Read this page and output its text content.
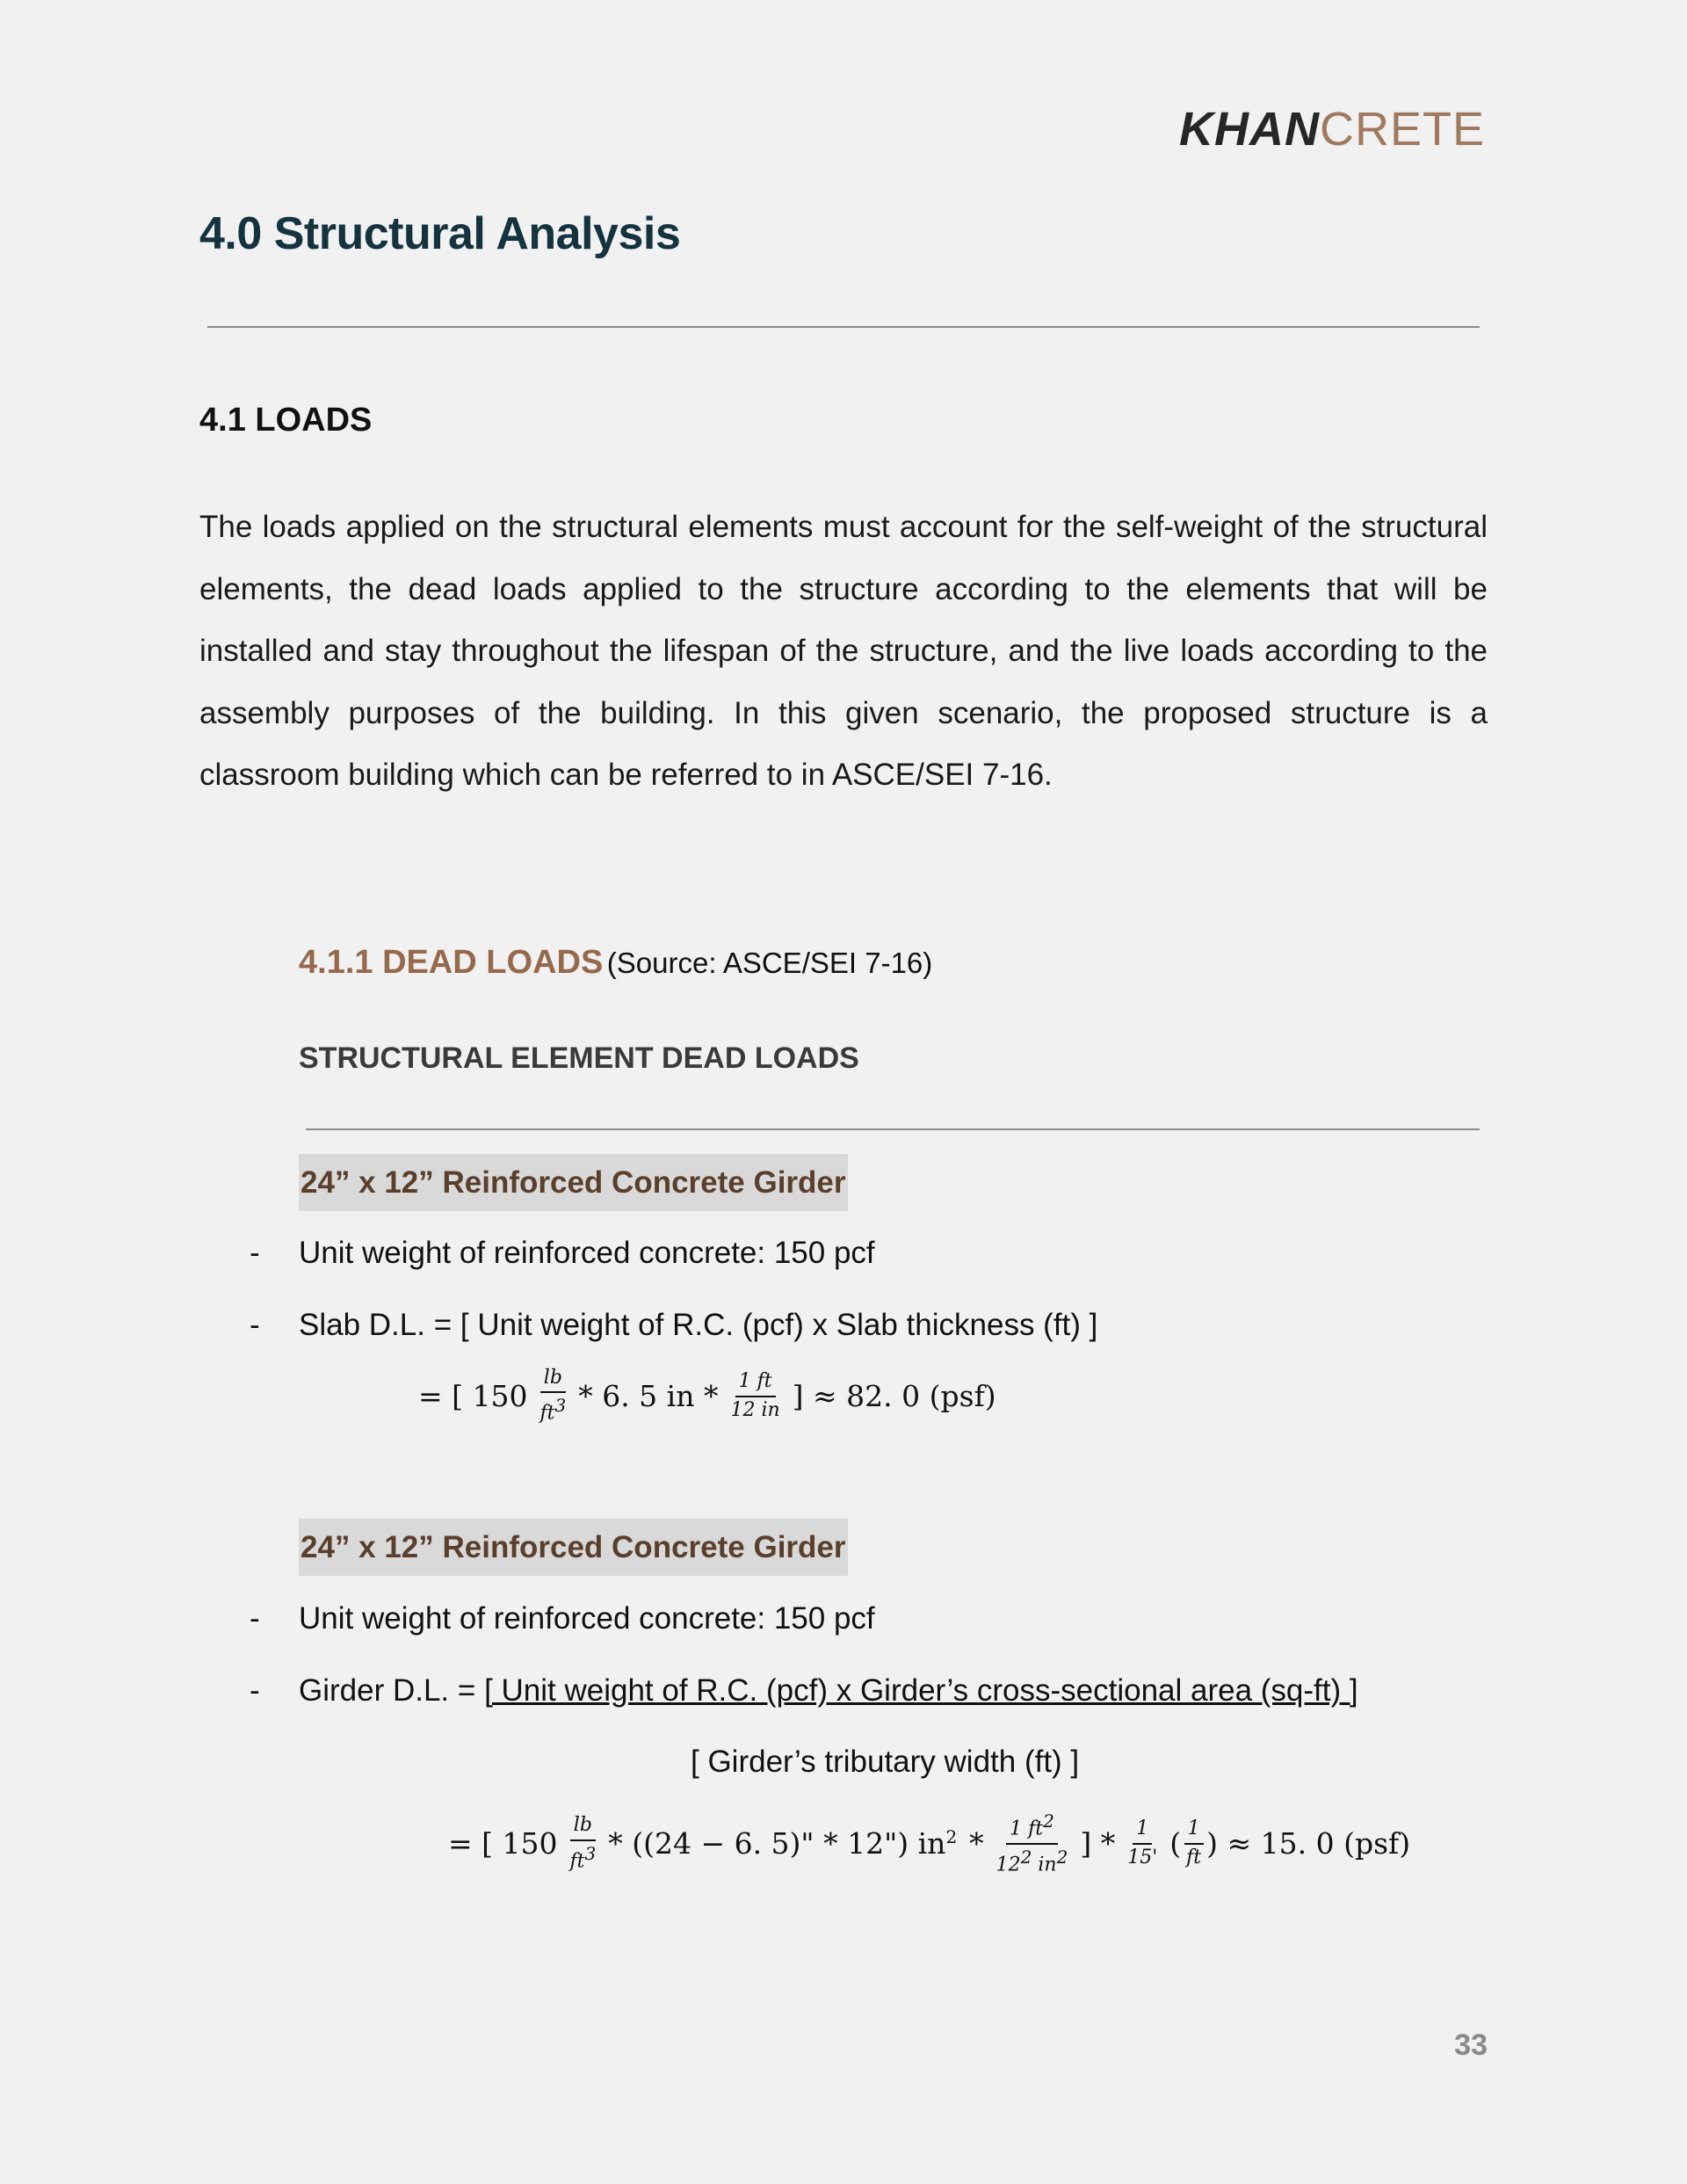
KHANCRETE
4.0 Structural Analysis
4.1 LOADS
The loads applied on the structural elements must account for the self-weight of the structural elements, the dead loads applied to the structure according to the elements that will be installed and stay throughout the lifespan of the structure, and the live loads according to the assembly purposes of the building. In this given scenario, the proposed structure is a classroom building which can be referred to in ASCE/SEI 7-16.
4.1.1 DEAD LOADS (Source: ASCE/SEI 7-16)
STRUCTURAL ELEMENT DEAD LOADS
24” x 12” Reinforced Concrete Girder
- Unit weight of reinforced concrete: 150 pcf
- Slab D.L. = [ Unit weight of R.C. (pcf) x Slab thickness (ft) ]
= [ $150 \frac{lb}{ft^3} * 6$. 5 in * $\frac{1 ft}{12 in}$ ] ≈ 82. 0 (psf)
24” x 12” Reinforced Concrete Girder
- Unit weight of reinforced concrete: 150 pcf
- Girder D.L. = [ Unit weight of R.C. (pcf) x Girder’s cross-sectional area (sq-ft) ]
[ Girder’s tributary width (ft) ]
= [ $150 \frac{lb}{ft^3} * ((24 - 6$. 5)" * 12") $in^2 * \frac{1 ft^2}{12^2 in^2}$ ] * $\frac{1}{15'}$ ( $\frac{1}{ft}$ ) ≈ 15. 0 (psf)
33
